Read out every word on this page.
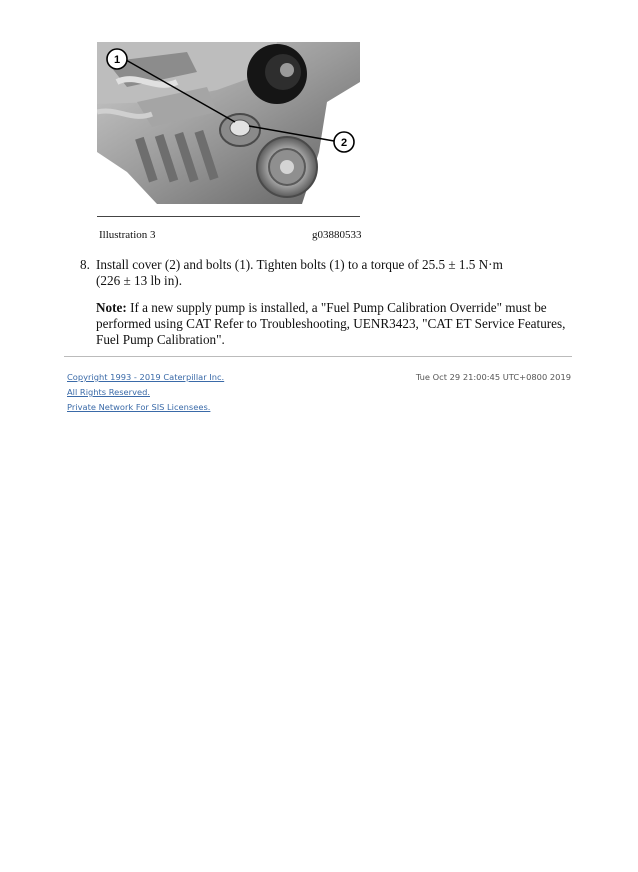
1
2
Illustration 3	g03880533
8. Install cover (2) and bolts (1). Tighten bolts (1) to a torque of 25.5 ± 1.5 N·m
(226 ± 13 lb in).
Note: If a new supply pump is installed, a "Fuel Pump Calibration Override" must be performed using CAT Refer to Troubleshooting, UENR3423, "CAT ET Service Features, Fuel Pump Calibration".
Copyright 1993 - 2019 Caterpillar Inc.
All Rights Reserved.
Private Network For SIS Licensees.
Tue Oct 29 21:00:45 UTC+0800 2019
